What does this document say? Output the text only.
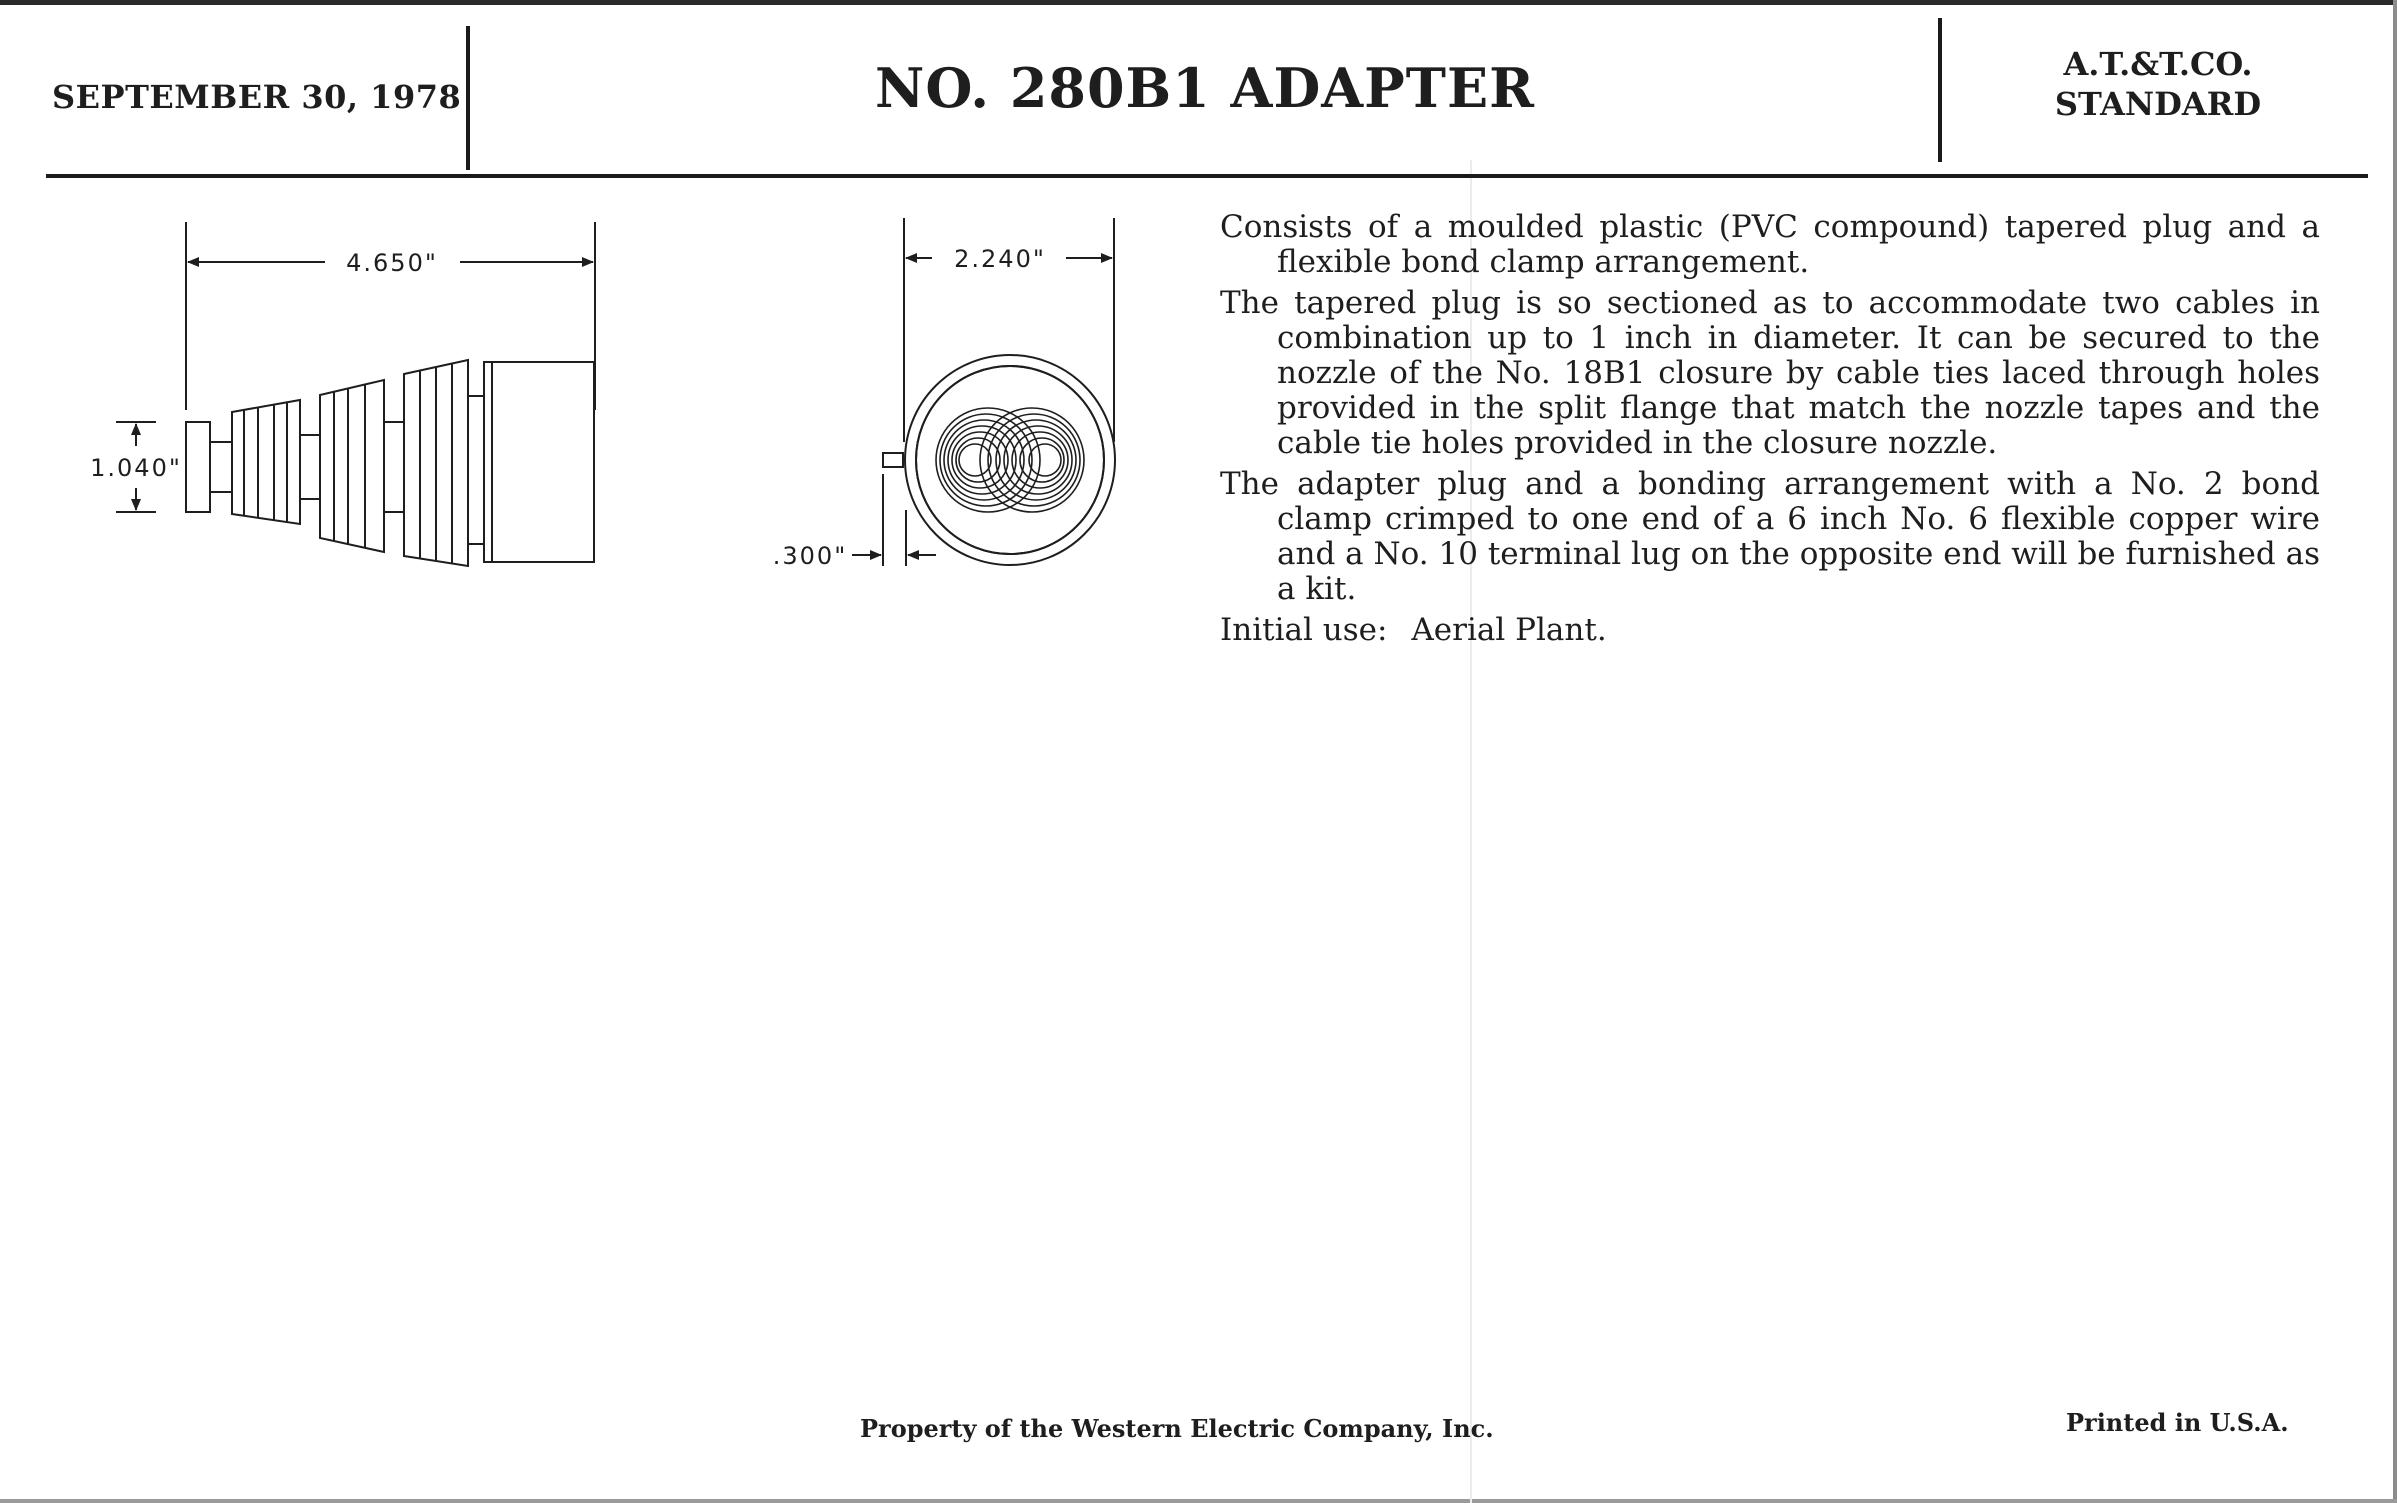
SEPTEMBER 30, 1978	NO. 280B1 ADAPTER	A.T.&T.CO.
STANDARD
4.650"
1.040"
2.240"
.300"

Consists of a moulded plastic (PVC compound) tapered plug and a flexible bond clamp arrangement.

The tapered plug is so sectioned as to accommodate two cables in combination up to 1 inch in diameter. It can be secured to the nozzle of the No. 18B1 closure by cable ties laced through holes provided in the split flange that match the nozzle tapes and the cable tie holes provided in the closure nozzle.

The adapter plug and a bonding arrangement with a No. 2 bond clamp crimped to one end of a 6 inch No. 6 flexible copper wire and a No. 10 terminal lug on the opposite end will be furnished as a kit.

Initial use: Aerial Plant.
Property of the Western Electric Company, Inc.	Printed in U.S.A.
